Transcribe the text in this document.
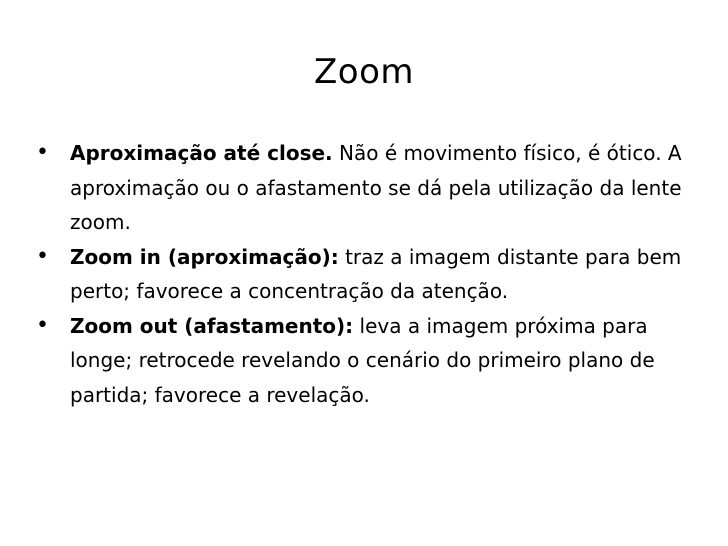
Zoom
• Aproximação até close. Não é movimento físico, é ótico. A aproximação ou o afastamento se dá pela utilização da lente zoom.
• Zoom in (aproximação): traz a imagem distante para bem perto; favorece a concentração da atenção.
• Zoom out (afastamento): leva a imagem próxima para longe; retrocede revelando o cenário do primeiro plano de partida; favorece a revelação.
